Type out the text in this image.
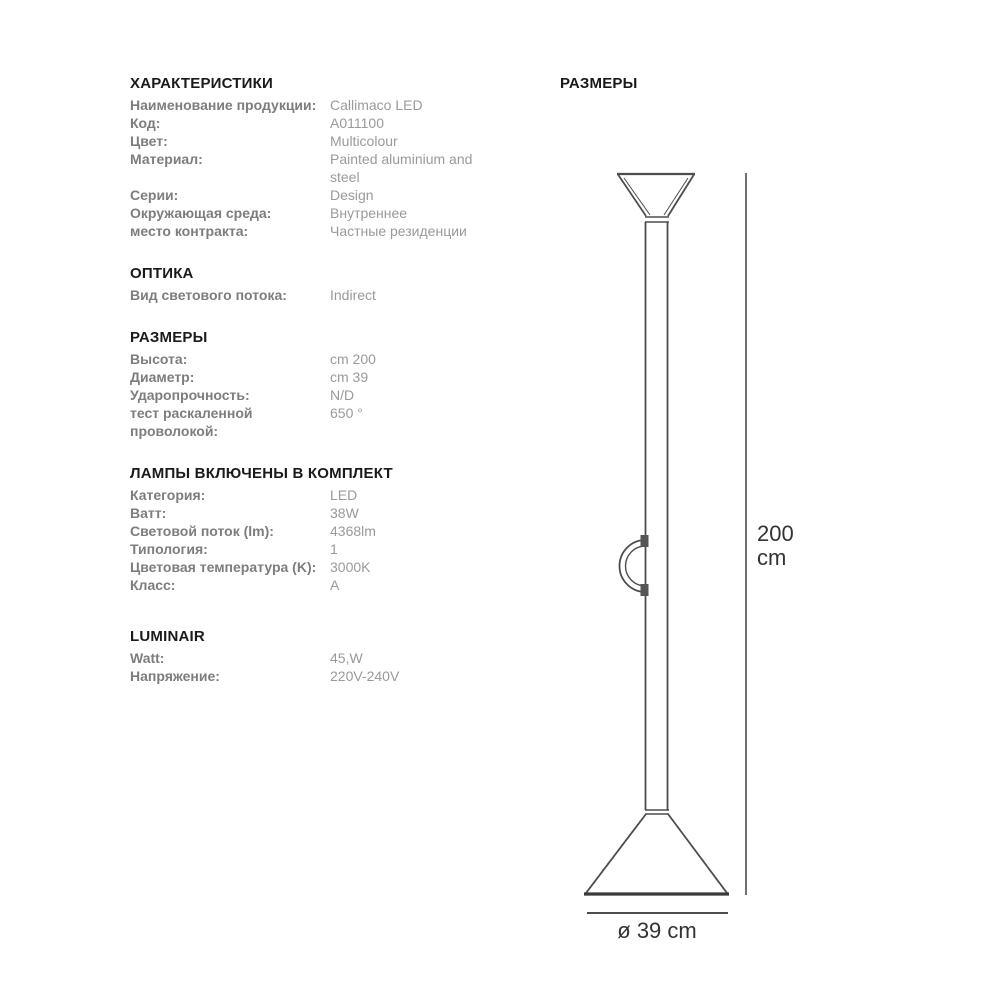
ХАРАКТЕРИСТИКИ
Наименование продукции: Callimaco LED
Код:	A011100
Цвет:	Multicolour
Материал:	Painted aluminium and steel
Серии:	Design
Окружающая среда:	Внутреннее
место контракта:	Частные резиденции
ОПТИКА
Вид светового потока:	Indirect
РАЗМЕРЫ
Высота:	cm 200
Диаметр:	cm 39
Ударопрочность:	N/D
тест раскаленной проволокой:
650 °
ЛАМПЫ ВКЛЮЧЕНЫ В КОМПЛЕКТ
Категория:	LED
Ватт:	38W
Световой поток (lm):	4368lm
Типология:	1
Цветовая температура (K): 3000K
Класс:	A
LUMINAIR
Watt:	45,W
Напряжение:	220V-240V
РАЗМЕРЫ
200 cm
ø 39 cm
